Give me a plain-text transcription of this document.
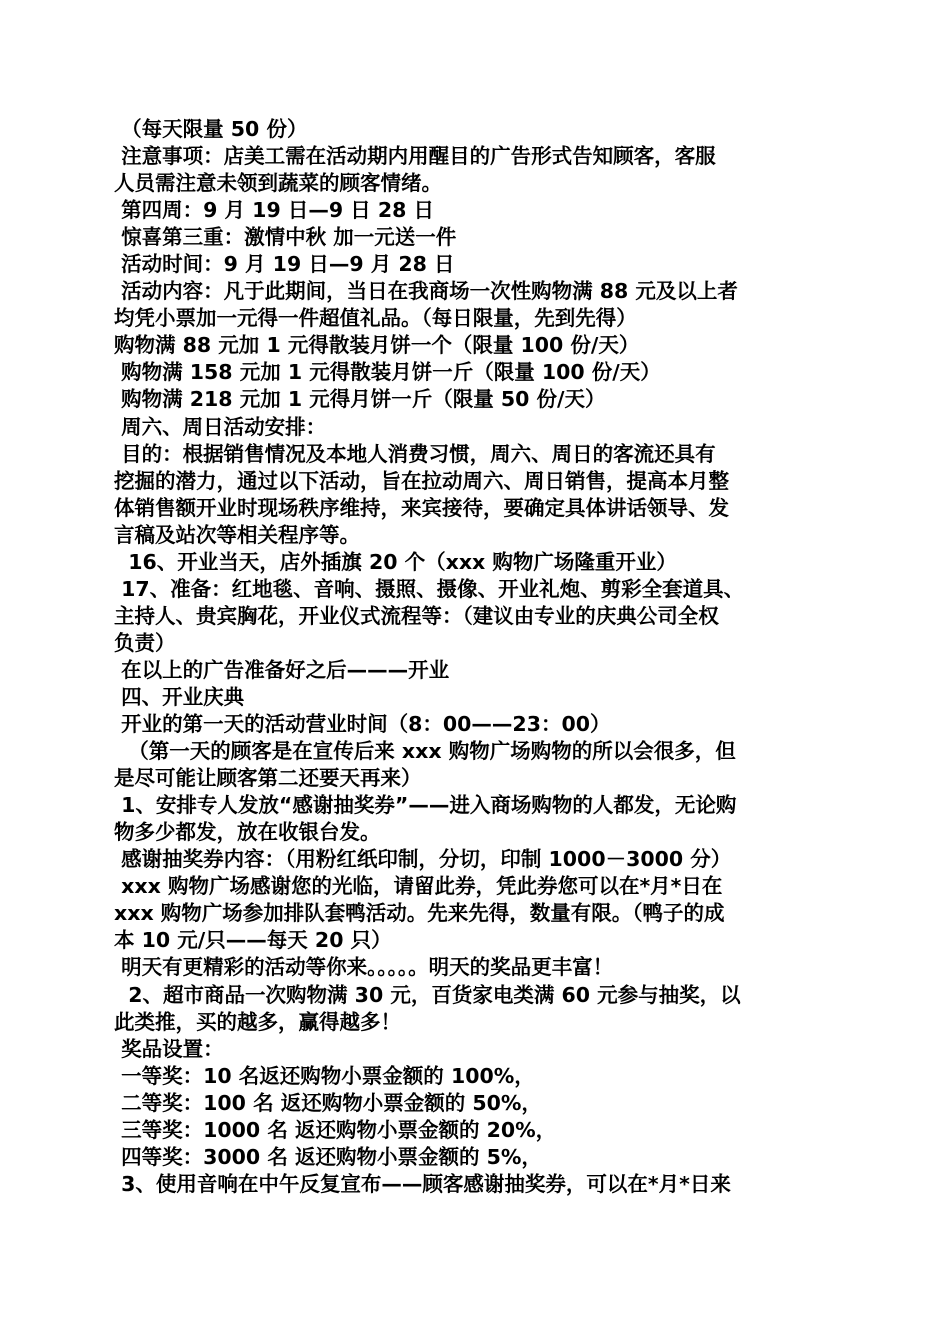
（每天限量 50 份）
注意事项：店美工需在活动期内用醒目的广告形式告知顾客，客服
人员需注意未领到蔬菜的顾客情绪。
第四周：9 月 19 日—9 日 28 日
惊喜第三重：激情中秋 加一元送一件
活动时间：9 月 19 日—9 月 28 日
活动内容：凡于此期间，当日在我商场一次性购物满 88 元及以上者
均凭小票加一元得一件超值礼品。（每日限量，先到先得）
购物满 88 元加 1 元得散装月饼一个（限量 100 份/天）
购物满 158 元加 1 元得散装月饼一斤（限量 100 份/天）
购物满 218 元加 1 元得月饼一斤（限量 50 份/天）
周六、周日活动安排：
目的：根据销售情况及本地人消费习惯，周六、周日的客流还具有
挖掘的潜力，通过以下活动，旨在拉动周六、周日销售，提高本月整
体销售额开业时现场秩序维持，来宾接待，要确定具体讲话领导、发
言稿及站次等相关程序等。
16、开业当天，店外插旗 20 个（xxx 购物广场隆重开业）
17、准备：红地毯、音响、摄照、摄像、开业礼炮、剪彩全套道具、
主持人、贵宾胸花，开业仪式流程等：（建议由专业的庆典公司全权
负责）
在以上的广告准备好之后———开业
四、开业庆典
开业的第一天的活动营业时间（8：00——23：00）
（第一天的顾客是在宣传后来 xxx 购物广场购物的所以会很多，但
是尽可能让顾客第二还要天再来）
1、安排专人发放“感谢抽奖券”——进入商场购物的人都发，无论购
物多少都发，放在收银台发。
感谢抽奖券内容：（用粉红纸印制，分切，印制 1000－3000 分）
xxx 购物广场感谢您的光临，请留此券，凭此券您可以在*月*日在
xxx 购物广场参加排队套鸭活动。先来先得，数量有限。（鸭子的成
本 10 元/只——每天 20 只）
明天有更精彩的活动等你来。。。。。明天的奖品更丰富！
2、超市商品一次购物满 30 元，百货家电类满 60 元参与抽奖，以
此类推，买的越多，赢得越多！
奖品设置：
一等奖：10 名返还购物小票金额的 100%，
二等奖：100 名 返还购物小票金额的 50%，
三等奖：1000 名 返还购物小票金额的 20%，
四等奖：3000 名 返还购物小票金额的 5%，
3、使用音响在中午反复宣布——顾客感谢抽奖券，可以在*月*日来
